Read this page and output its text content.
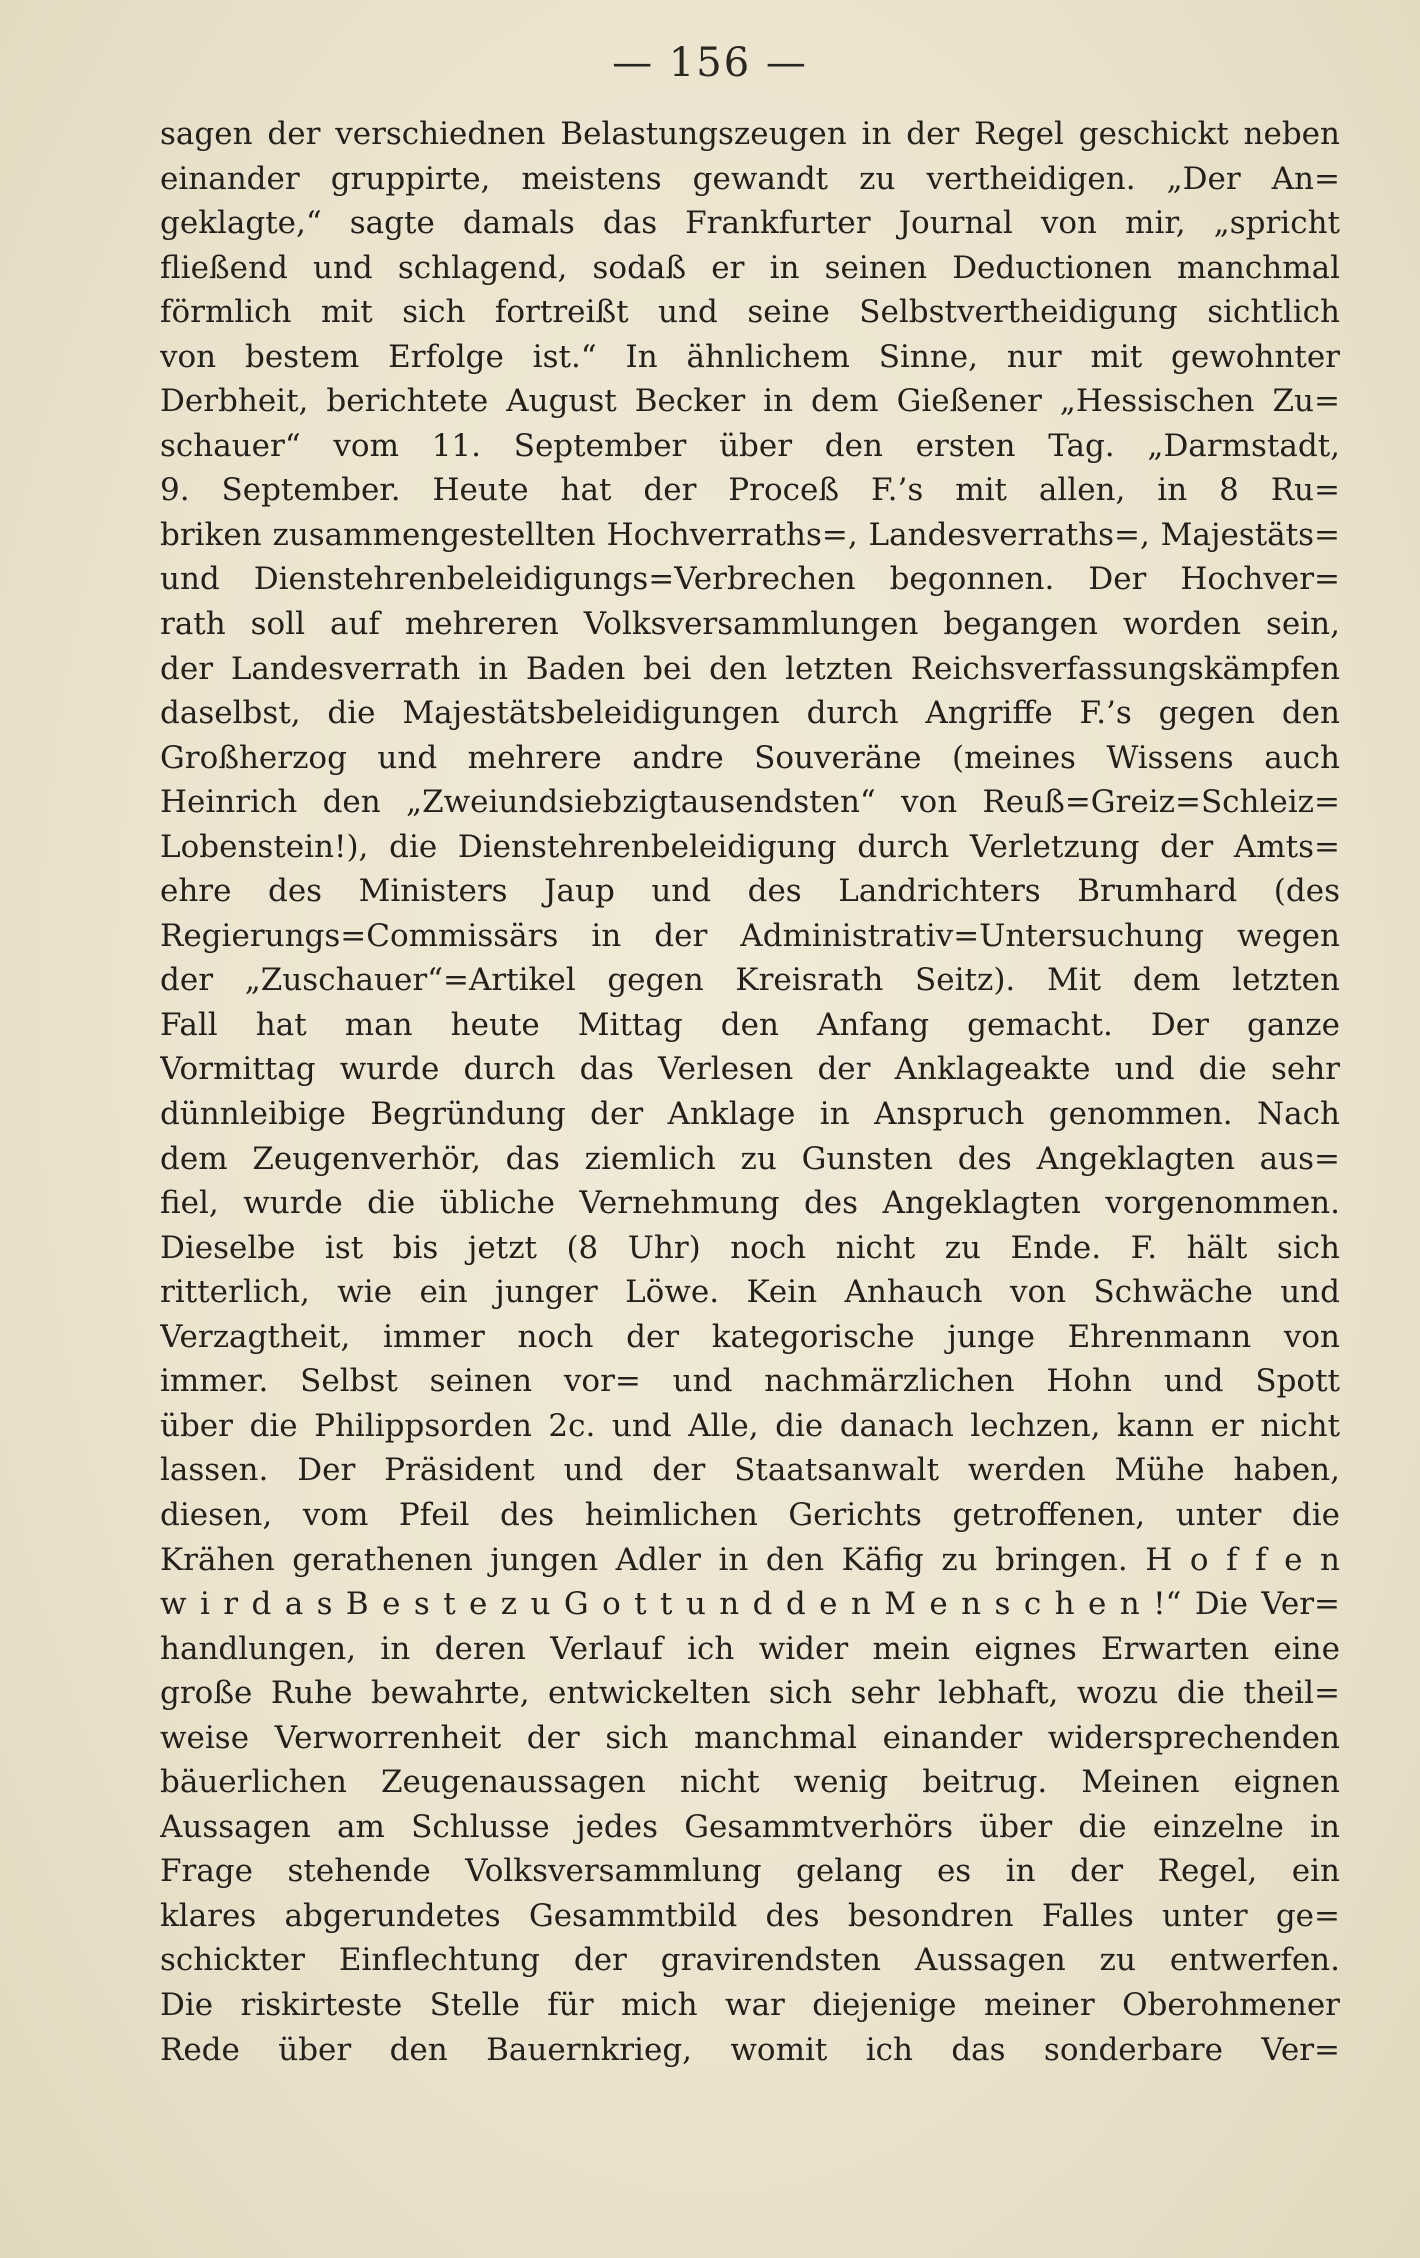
— 156 —
sagen der verschiednen Belastungszeugen in der Regel geschickt neben
einander gruppirte, meistens gewandt zu vertheidigen. „Der An=
geklagte,“ sagte damals das Frankfurter Journal von mir, „spricht
fließend und schlagend, sodaß er in seinen Deductionen manchmal
förmlich mit sich fortreißt und seine Selbstvertheidigung sichtlich
von bestem Erfolge ist.“ In ähnlichem Sinne, nur mit gewohnter
Derbheit, berichtete August Becker in dem Gießener „Hessischen Zu=
schauer“ vom 11. September über den ersten Tag. „Darmstadt,
9. September. Heute hat der Proceß F.’s mit allen, in 8 Ru=
briken zusammengestellten Hochverraths=, Landesverraths=, Majestäts=
und Dienstehrenbeleidigungs=Verbrechen begonnen. Der Hochver=
rath soll auf mehreren Volksversammlungen begangen worden sein,
der Landesverrath in Baden bei den letzten Reichsverfassungskämpfen
daselbst, die Majestätsbeleidigungen durch Angriffe F.’s gegen den
Großherzog und mehrere andre Souveräne (meines Wissens auch
Heinrich den „Zweiundsiebzigtausendsten“ von Reuß=Greiz=Schleiz=
Lobenstein!), die Dienstehrenbeleidigung durch Verletzung der Amts=
ehre des Ministers Jaup und des Landrichters Brumhard (des
Regierungs=Commissärs in der Administrativ=Untersuchung wegen
der „Zuschauer“=Artikel gegen Kreisrath Seitz). Mit dem letzten
Fall hat man heute Mittag den Anfang gemacht. Der ganze
Vormittag wurde durch das Verlesen der Anklageakte und die sehr
dünnleibige Begründung der Anklage in Anspruch genommen. Nach
dem Zeugenverhör, das ziemlich zu Gunsten des Angeklagten aus=
fiel, wurde die übliche Vernehmung des Angeklagten vorgenommen.
Dieselbe ist bis jetzt (8 Uhr) noch nicht zu Ende. F. hält sich
ritterlich, wie ein junger Löwe. Kein Anhauch von Schwäche und
Verzagtheit, immer noch der kategorische junge Ehrenmann von
immer. Selbst seinen vor= und nachmärzlichen Hohn und Spott
über die Philippsorden 2c. und Alle, die danach lechzen, kann er nicht
lassen. Der Präsident und der Staatsanwalt werden Mühe haben,
diesen, vom Pfeil des heimlichen Gerichts getroffenen, unter die
Krähen gerathenen jungen Adler in den Käfig zu bringen. H o f f e n
w i r d a s B e s t e z u G o t t u n d d e n M e n s c h e n !“ Die Ver=
handlungen, in deren Verlauf ich wider mein eignes Erwarten eine
große Ruhe bewahrte, entwickelten sich sehr lebhaft, wozu die theil=
weise Verworrenheit der sich manchmal einander widersprechenden
bäuerlichen Zeugenaussagen nicht wenig beitrug. Meinen eignen
Aussagen am Schlusse jedes Gesammtverhörs über die einzelne in
Frage stehende Volksversammlung gelang es in der Regel, ein
klares abgerundetes Gesammtbild des besondren Falles unter ge=
schickter Einflechtung der gravirendsten Aussagen zu entwerfen.
Die riskirteste Stelle für mich war diejenige meiner Oberohmener
Rede über den Bauernkrieg, womit ich das sonderbare Ver=
